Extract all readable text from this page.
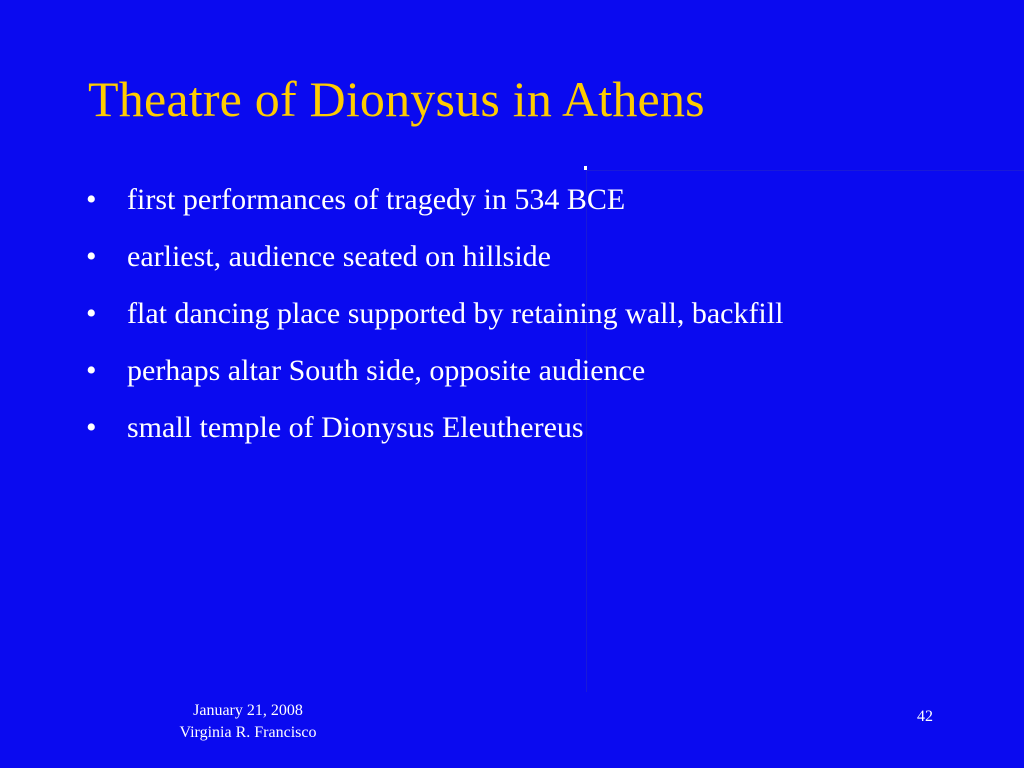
Theatre of Dionysus in Athens
•	first performances of tragedy in 534 BCE
•	earliest, audience seated on hillside
•	flat dancing place supported by retaining wall, backfill
•	perhaps altar South side, opposite audience
•	small temple of Dionysus Eleuthereus
January 21, 2008
Virginia R. Francisco
42
